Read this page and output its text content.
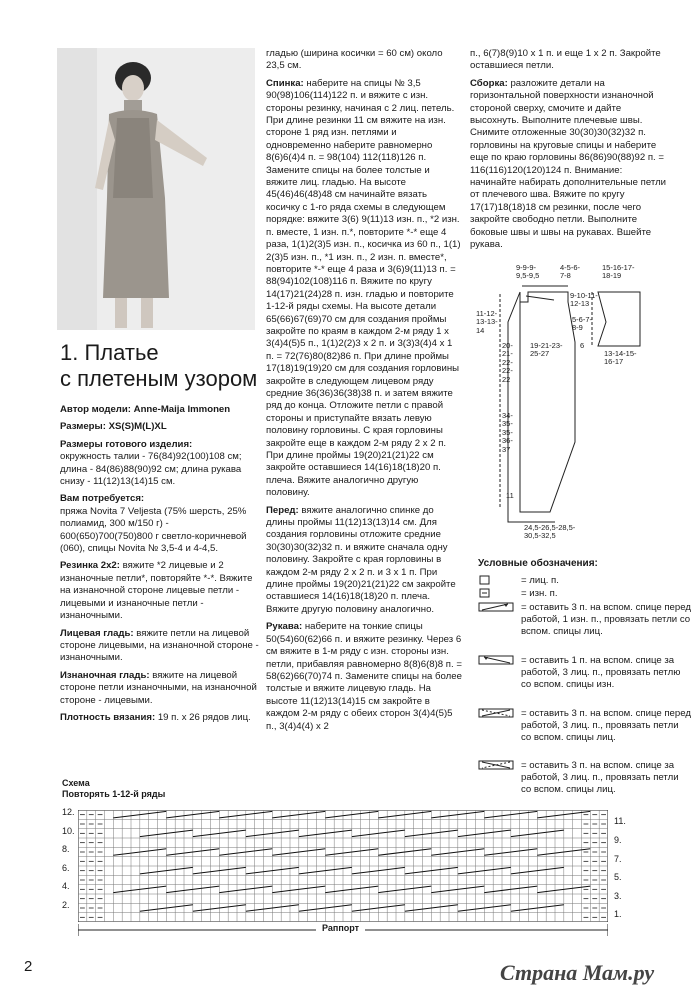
1. Платье
с плетеным узором

Автор модели: Anne-Maija Immonen

Размеры: XS(S)M(L)XL

Размеры готового изделия:
окружность талии - 76(84)92(100)108 см; длина - 84(86)88(90)92 см; длина рукава снизу - 11(12)13(14)15 см.

Вам потребуется:
пряжа Novita 7 Veljesta (75% шерсть, 25% полиамид, 300 м/150 г) - 600(650)700(750)800 г светло-коричневой (060), спицы Novita № 3,5-4 и 4-4,5.

Резинка 2х2: вяжите *2 лицевые и 2 изнаночные петли*, повторяйте *-*. Вяжите на изнаночной стороне лицевые петли - лицевыми и изнаночные петли - изнаночными.

Лицевая гладь: вяжите петли на лицевой стороне лицевыми, на изнаночной стороне - изнаночными.

Изнаночная гладь: вяжите на лицевой стороне петли изнаночными, на изнаночной стороне - лицевыми.

Плотность вязания: 19 п. х 26 рядов лиц.

гладью (ширина косички = 60 см) около 23,5 см.

Спинка: наберите на спицы № 3,5 90(98)106(114)122 п. и вяжите с изн. стороны резинку, начиная с 2 лиц. петель. При длине резинки 11 см вяжите на изн. стороне 1 ряд изн. петлями и одновременно наберите равномерно 8(6)6(4)4 п. = 98(104) 112(118)126 п. Замените спицы на более толстые и вяжите лиц. гладью. На высоте 45(46)46(48)48 см начинайте вязать косичку с 1-го ряда схемы в следующем порядке: вяжите 3(6) 9(11)13 изн. п., *2 изн. п. вместе, 1 изн. п.*, повторите *-* еще 4 раза, 1(1)2(3)5 изн. п., косичка из 60 п., 1(1) 2(3)5 изн. п., *1 изн. п., 2 изн. п. вместе*, повторите *-* еще 4 раза и 3(6)9(11)13 п. = 88(94)102(108)116 п. Вяжите по кругу 14(17)21(24)28 п. изн. гладью и повторите 1-12-й ряды схемы. На высоте детали 65(66)67(69)70 см для создания проймы закройте по краям в каждом 2-м ряду 1 х 3(4)4(5)5 п., 1(1)2(2)3 х 2 п. и 3(3)3(4)4 х 1 п. = 72(76)80(82)86 п. При длине проймы 17(18)19(19)20 см для создания горловины закройте в следующем лицевом ряду средние 36(36)36(38)38 п. и затем вяжите ряд до конца. Отложите петли с правой стороны и приступайте вязать левую половину горловины. С края горловины закройте еще в каждом 2-м ряду 2 х 2 п. При длине проймы 19(20)21(21)22 см закройте оставшиеся 14(16)18(18)20 п. плеча. Вяжите аналогично другую половину.

Перед: вяжите аналогично спинке до длины проймы 11(12)13(13)14 см. Для создания горловины отложите средние 30(30)30(32)32 п. и вяжите сначала одну половину. Закройте с края горловины в каждом 2-м ряду 2 х 2 п. и 3 х 1 п. При длине проймы 19(20)21(21)22 см закройте оставшиеся 14(16)18(18)20 п. плеча. Вяжите другую половину аналогично.

Рукава: наберите на тонкие спицы 50(54)60(62)66 п. и вяжите резинку. Через 6 см вяжите в 1-м ряду с изн. стороны изн. петли, прибавляя равномерно 8(8)6(8)8 п. = 58(62)66(70)74 п. Замените спицы на более толстые и вяжите лицевую гладь. На высоте 11(12)13(14)15 см закройте в каждом 2-м ряду с обеих сторон 3(4)4(5)5 п., 3(4)4(4) х 2

п., 6(7)8(9)10 х 1 п. и еще 1 х 2 п. Закройте оставшиеся петли.

Сборка: разложите детали на горизонтальной поверхности изнаночной стороной сверху, смочите и дайте высохнуть. Выполните плечевые швы. Снимите отложенные 30(30)30(32)32 п. горловины на круговые спицы и наберите еще по краю горловины 86(86)90(88)92 п. = 116(116)120(120)124 п. Внимание: начинайте набирать дополнительные петли от плечевого шва. Вяжите по кругу 17(17)18(18)18 см резинки, после чего закройте свободно петли. Выполните боковые швы и швы на рукавах. Вшейте рукава.

9-9-9-
9,5-9,5
4-5-6-
7-8
15-16-17-
18-19
11-12-
13-13-
14
20-
21-
22-
22-
22
19-21-23-
25-27
34-
35-
35-
36-
37
11
24,5-26,5-28,5-
30,5-32,5
9-10-11-
12-13
5-6-7-
8-9
6
13-14-15-
16-17
Условные обозначения:
= лиц. п.
= изн. п.
= оставить 3 п. на вспом. спице перед работой, 1 изн. п., провязать петли со вспом. спицы лиц.
= оставить 1 п. на вспом. спице за работой, 3 лиц. п., провязать петлю со вспом. спицы изн.
= оставить 3 п. на вспом. спице перед работой, 3 лиц. п., провязать петли со вспом. спицы лиц.
= оставить 3 п. на вспом. спице за работой, 3 лиц. п., провязать петли со вспом. спицы лиц.
Схема
Повторять 1-12-й ряды
12.
10.
8.
6.
4.
2.
11.
9.
7.
5.
3.
1.
Раппорт
2	Страна Мам.ру
